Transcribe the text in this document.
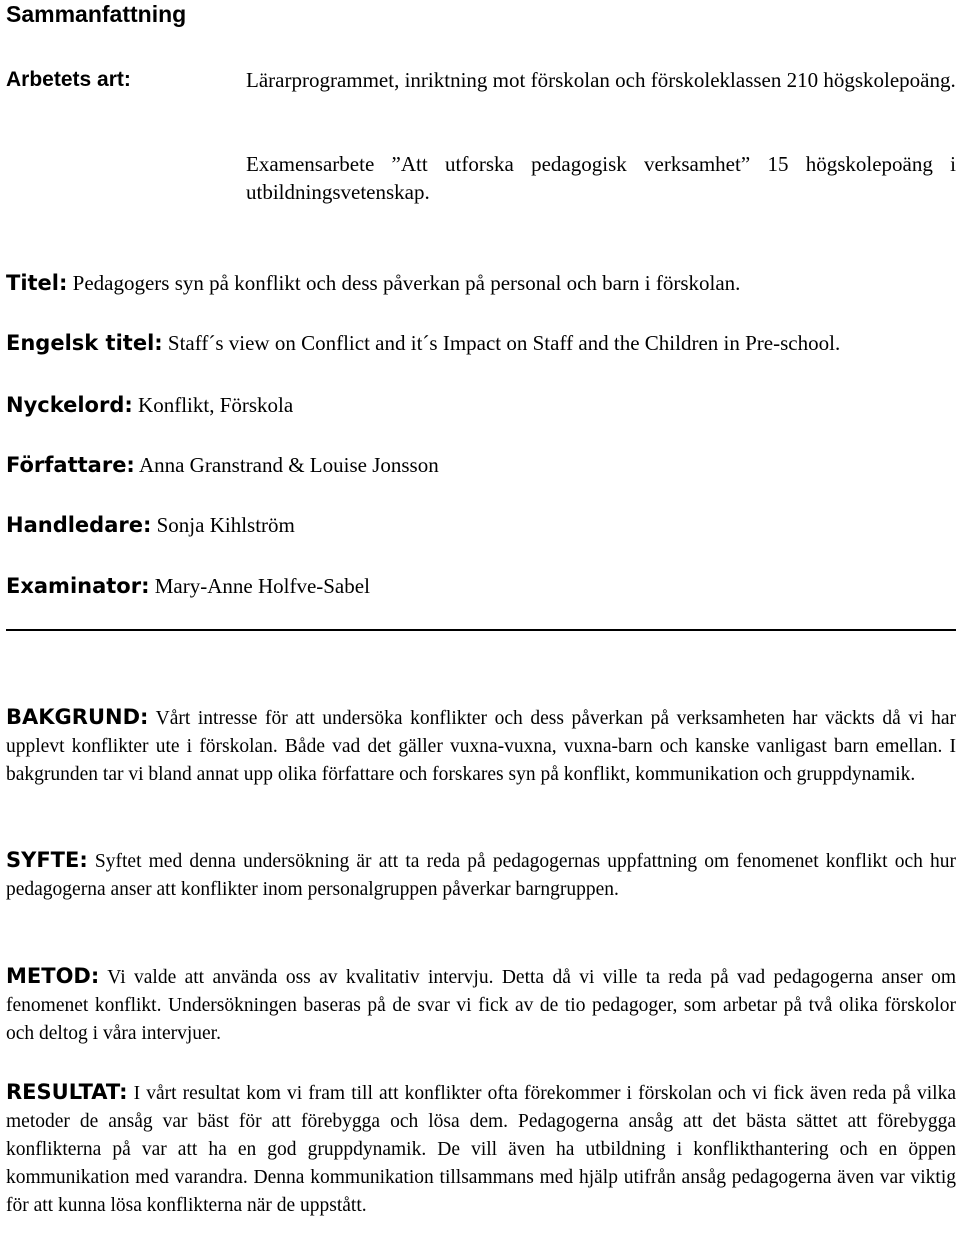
Sammanfattning
Arbetets art:	Lärarprogrammet, inriktning mot förskolan och förskoleklassen 210 högskolepoäng.

Examensarbete ”Att utforska pedagogisk verksamhet” 15 högskolepoäng i utbildningsvetenskap.

Titel: Pedagogers syn på konflikt och dess påverkan på personal och barn i förskolan.
Engelsk titel: Staff´s view on Conflict and it´s Impact on Staff and the Children in Pre-school.
Nyckelord: Konflikt, Förskola
Författare: Anna Granstrand & Louise Jonsson
Handledare: Sonja Kihlström
Examinator: Mary-Anne Holfve-Sabel

BAKGRUND: Vårt intresse för att undersöka konflikter och dess påverkan på verksamheten har väckts då vi har upplevt konflikter ute i förskolan. Både vad det gäller vuxna-vuxna, vuxna-barn och kanske vanligast barn emellan. I bakgrunden tar vi bland annat upp olika författare och forskares syn på konflikt, kommunikation och gruppdynamik.

SYFTE: Syftet med denna undersökning är att ta reda på pedagogernas uppfattning om fenomenet konflikt och hur pedagogerna anser att konflikter inom personalgruppen påverkar barngruppen.

METOD: Vi valde att använda oss av kvalitativ intervju. Detta då vi ville ta reda på vad pedagogerna anser om fenomenet konflikt. Undersökningen baseras på de svar vi fick av de tio pedagoger, som arbetar på två olika förskolor och deltog i våra intervjuer.

RESULTAT: I vårt resultat kom vi fram till att konflikter ofta förekommer i förskolan och vi fick även reda på vilka metoder de ansåg var bäst för att förebygga och lösa dem. Pedagogerna ansåg att det bästa sättet att förebygga konflikterna på var att ha en god gruppdynamik. De vill även ha utbildning i konflikthantering och en öppen kommunikation med varandra. Denna kommunikation tillsammans med hjälp utifrån ansåg pedagogerna även var viktig för att kunna lösa konflikterna när de uppstått.
